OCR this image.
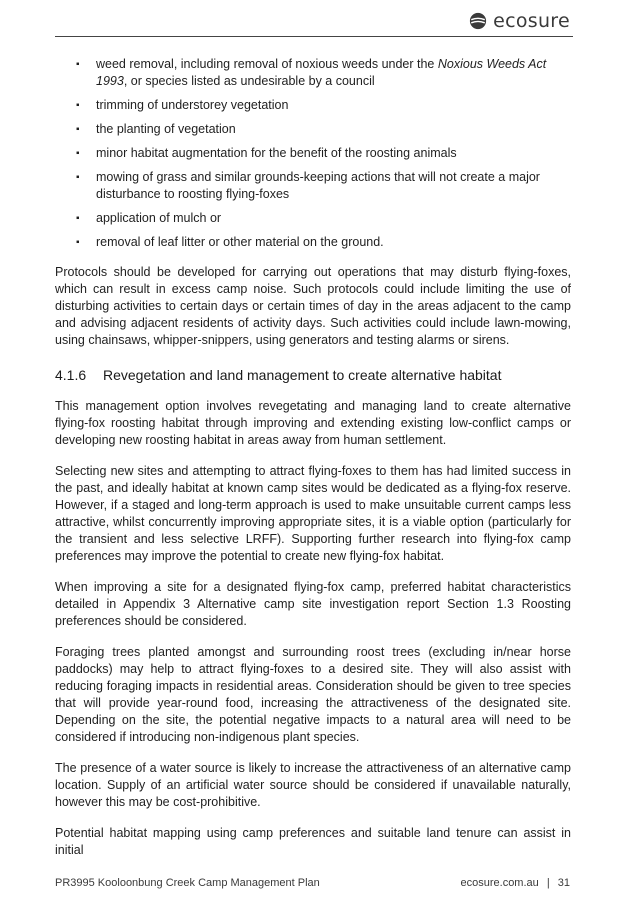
ecosure
▪ weed removal, including removal of noxious weeds under the Noxious Weeds Act 1993, or species listed as undesirable by a council
▪ trimming of understorey vegetation
▪ the planting of vegetation
▪ minor habitat augmentation for the benefit of the roosting animals
▪ mowing of grass and similar grounds-keeping actions that will not create a major disturbance to roosting flying-foxes
▪ application of mulch or
▪ removal of leaf litter or other material on the ground.

Protocols should be developed for carrying out operations that may disturb flying-foxes, which can result in excess camp noise. Such protocols could include limiting the use of disturbing activities to certain days or certain times of day in the areas adjacent to the camp and advising adjacent residents of activity days. Such activities could include lawn-mowing, using chainsaws, whipper-snippers, using generators and testing alarms or sirens.

4.1.6	Revegetation and land management to create alternative habitat

This management option involves revegetating and managing land to create alternative flying-fox roosting habitat through improving and extending existing low-conflict camps or developing new roosting habitat in areas away from human settlement.

Selecting new sites and attempting to attract flying-foxes to them has had limited success in the past, and ideally habitat at known camp sites would be dedicated as a flying-fox reserve. However, if a staged and long-term approach is used to make unsuitable current camps less attractive, whilst concurrently improving appropriate sites, it is a viable option (particularly for the transient and less selective LRFF). Supporting further research into flying-fox camp preferences may improve the potential to create new flying-fox habitat.

When improving a site for a designated flying-fox camp, preferred habitat characteristics detailed in Appendix 3 Alternative camp site investigation report Section 1.3 Roosting preferences should be considered.

Foraging trees planted amongst and surrounding roost trees (excluding in/near horse paddocks) may help to attract flying-foxes to a desired site. They will also assist with reducing foraging impacts in residential areas. Consideration should be given to tree species that will provide year-round food, increasing the attractiveness of the designated site. Depending on the site, the potential negative impacts to a natural area will need to be considered if introducing non-indigenous plant species.

The presence of a water source is likely to increase the attractiveness of an alternative camp location. Supply of an artificial water source should be considered if unavailable naturally, however this may be cost-prohibitive.

Potential habitat mapping using camp preferences and suitable land tenure can assist in initial

PR3995 Kooloonbung Creek Camp Management Plan	ecosure.com.au | 31
